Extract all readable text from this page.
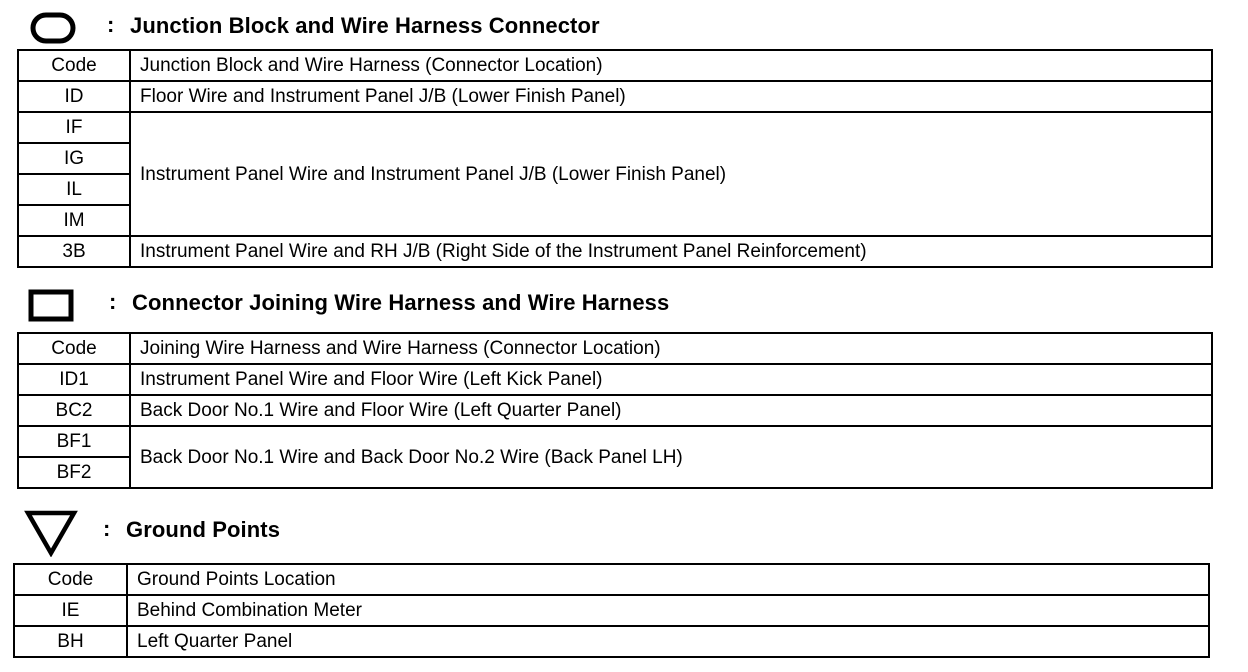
: Junction Block and Wire Harness Connector
Code	Junction Block and Wire Harness (Connector Location)
ID	Floor Wire and Instrument Panel J/B (Lower Finish Panel)
IF	Instrument Panel Wire and Instrument Panel J/B (Lower Finish Panel)
IG	
IL	
IM	
3B	Instrument Panel Wire and RH J/B (Right Side of the Instrument Panel Reinforcement)
: Connector Joining Wire Harness and Wire Harness
Code	Joining Wire Harness and Wire Harness (Connector Location)
ID1	Instrument Panel Wire and Floor Wire (Left Kick Panel)
BC2	Back Door No.1 Wire and Floor Wire (Left Quarter Panel)
BF1	Back Door No.1 Wire and Back Door No.2 Wire (Back Panel LH)
BF2	
: Ground Points
Code	Ground Points Location
IE	Behind Combination Meter
BH	Left Quarter Panel
